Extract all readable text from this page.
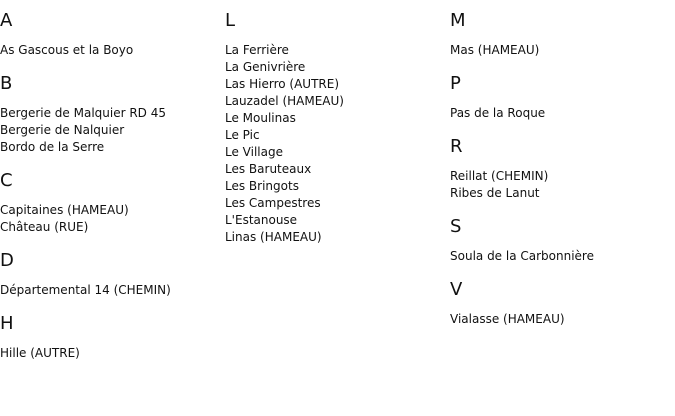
A
As Gascous et la Boyo
B
Bergerie de Malquier RD 45
Bergerie de Nalquier
Bordo de la Serre
C
Capitaines (HAMEAU)
Château (RUE)
D
Départemental 14 (CHEMIN)
H
Hille (AUTRE)
L
La Ferrière
La Genivrière
Las Hierro (AUTRE)
Lauzadel (HAMEAU)
Le Moulinas
Le Pic
Le Village
Les Baruteaux
Les Bringots
Les Campestres
L'Estanouse
Linas (HAMEAU)
M
Mas (HAMEAU)
P
Pas de la Roque
R
Reillat (CHEMIN)
Ribes de Lanut
S
Soula de la Carbonnière
V
Vialasse (HAMEAU)
